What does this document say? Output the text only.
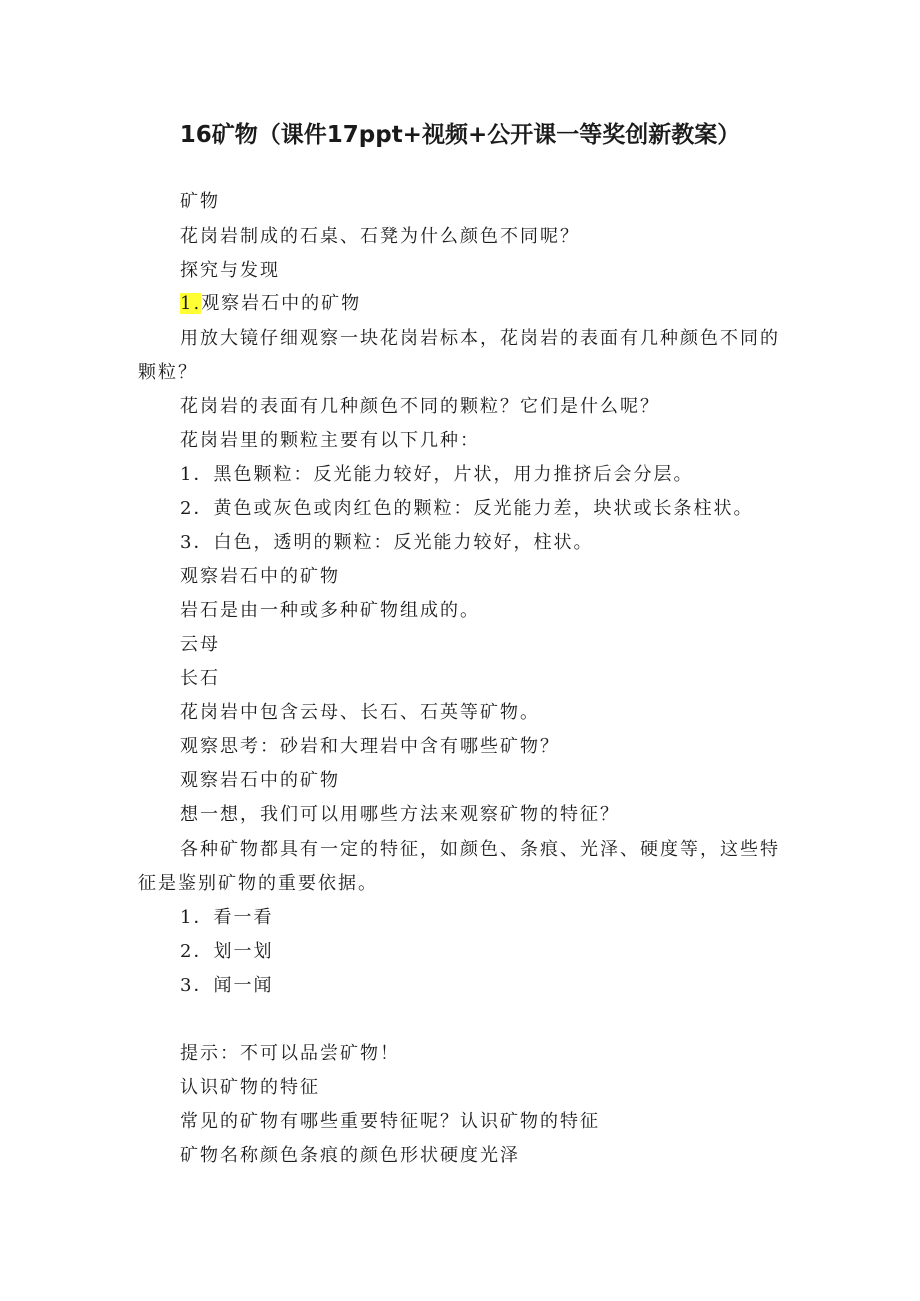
16矿物（课件17ppt+视频+公开课一等奖创新教案）
矿物
花岗岩制成的石桌、石凳为什么颜色不同呢？
探究与发现
1.观察岩石中的矿物
用放大镜仔细观察一块花岗岩标本，花岗岩的表面有几种颜色不同的
颗粒？
花岗岩的表面有几种颜色不同的颗粒？它们是什么呢？
花岗岩里的颗粒主要有以下几种：
1．黑色颗粒：反光能力较好，片状，用力推挤后会分层。
2．黄色或灰色或肉红色的颗粒：反光能力差，块状或长条柱状。
3．白色，透明的颗粒：反光能力较好，柱状。
观察岩石中的矿物
岩石是由一种或多种矿物组成的。
云母
长石
花岗岩中包含云母、长石、石英等矿物。
观察思考：砂岩和大理岩中含有哪些矿物？
观察岩石中的矿物
想一想，我们可以用哪些方法来观察矿物的特征？
各种矿物都具有一定的特征，如颜色、条痕、光泽、硬度等，这些特
征是鉴别矿物的重要依据。
1．看一看
2．划一划
3．闻一闻
提示：不可以品尝矿物！
认识矿物的特征
常见的矿物有哪些重要特征呢？认识矿物的特征
矿物名称颜色条痕的颜色形状硬度光泽
